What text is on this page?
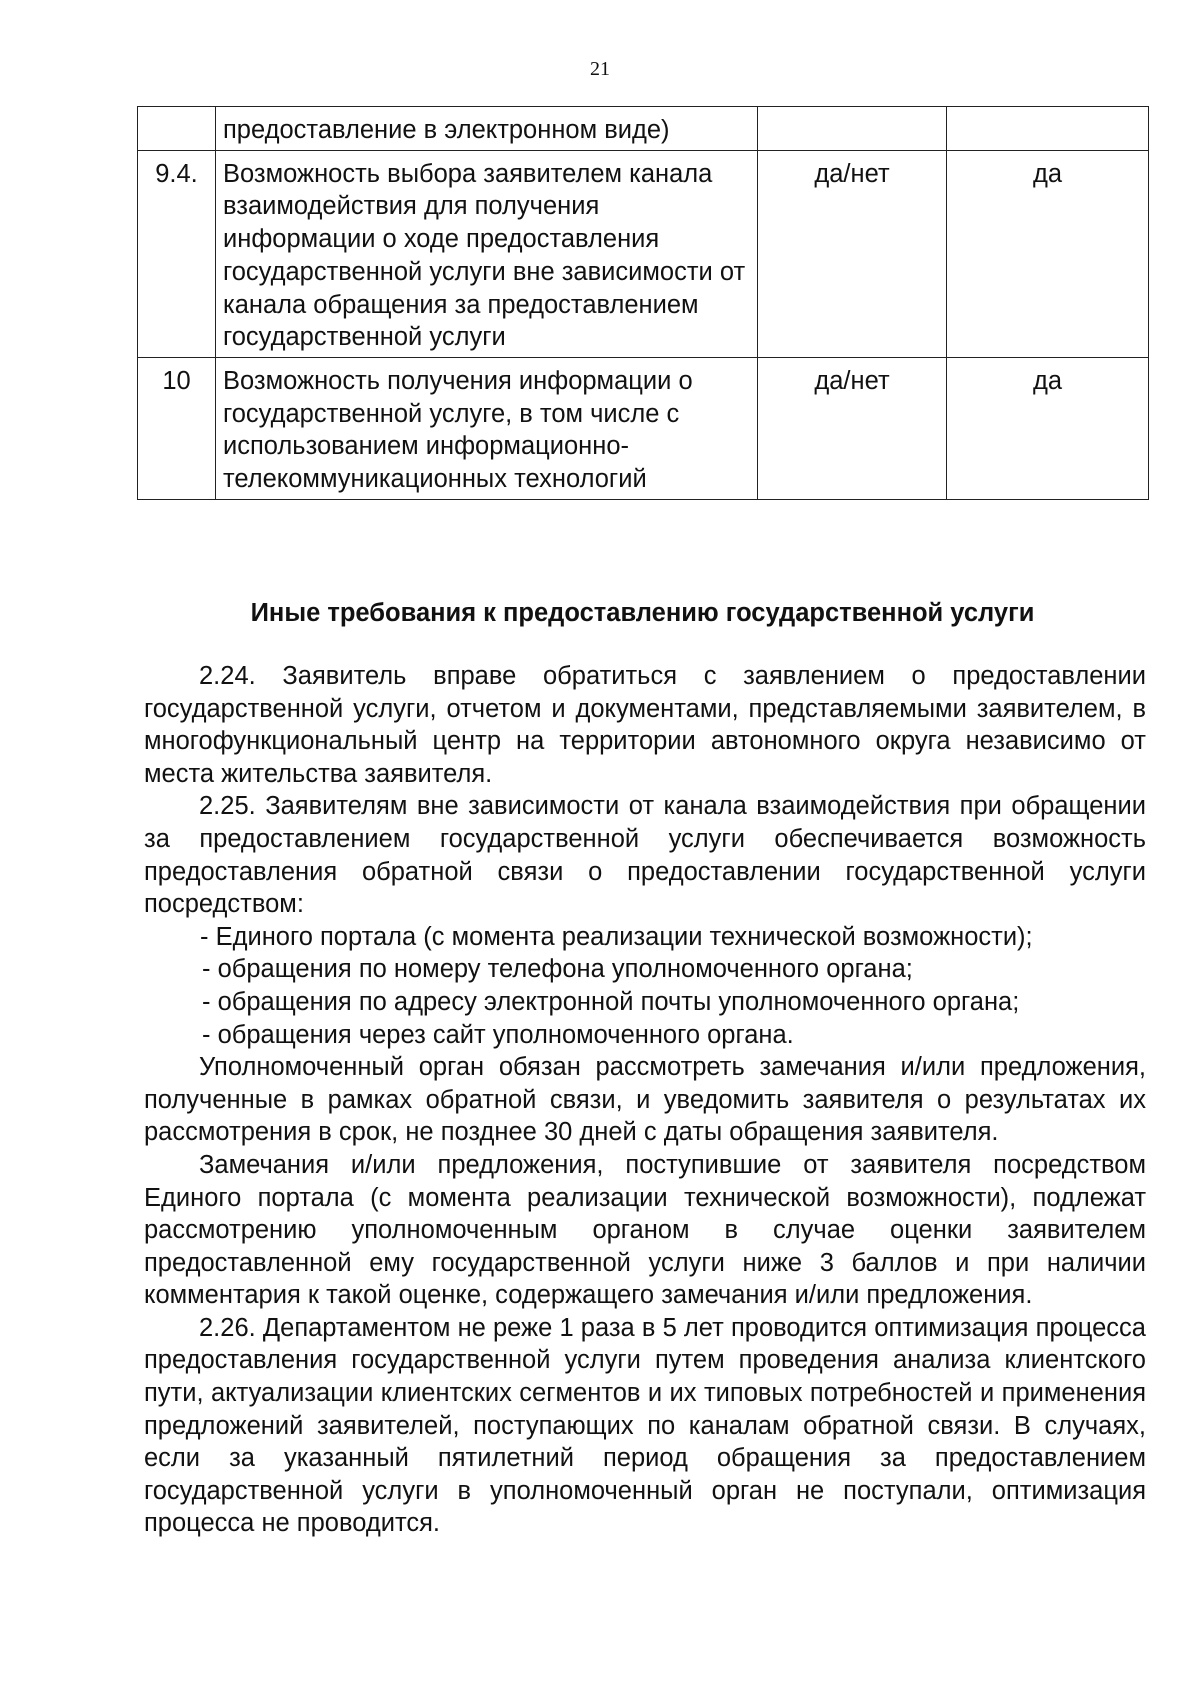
21
	предоставление в электронном виде)		
9.4.	Возможность выбора заявителем канала взаимодействия для получения информации о ходе предоставления государственной услуги вне зависимости от канала обращения за предоставлением государственной услуги	да/нет	да
10	Возможность получения информации о государственной услуге, в том числе с использованием информационно-телекоммуникационных технологий	да/нет	да
Иные требования к предоставлению государственной услуги

2.24. Заявитель вправе обратиться с заявлением о предоставлении государственной услуги, отчетом и документами, представляемыми заявителем, в многофункциональный центр на территории автономного округа независимо от места жительства заявителя.

2.25. Заявителям вне зависимости от канала взаимодействия при обращении за предоставлением государственной услуги обеспечивается возможность предоставления обратной связи о предоставлении государственной услуги посредством:

- Единого портала (с момента реализации технической возможности);

- обращения по номеру телефона уполномоченного органа;

- обращения по адресу электронной почты уполномоченного органа;

- обращения через сайт уполномоченного органа.

Уполномоченный орган обязан рассмотреть замечания и/или предложения, полученные в рамках обратной связи, и уведомить заявителя о результатах их рассмотрения в срок, не позднее 30 дней с даты обращения заявителя.

Замечания и/или предложения, поступившие от заявителя посредством Единого портала (с момента реализации технической возможности), подлежат рассмотрению уполномоченным органом в случае оценки заявителем предоставленной ему государственной услуги ниже 3 баллов и при наличии комментария к такой оценке, содержащего замечания и/или предложения.

2.26. Департаментом не реже 1 раза в 5 лет проводится оптимизация процесса предоставления государственной услуги путем проведения анализа клиентского пути, актуализации клиентских сегментов и их типовых потребностей и применения предложений заявителей, поступающих по каналам обратной связи. В случаях, если за указанный пятилетний период обращения за предоставлением государственной услуги в уполномоченный орган не поступали, оптимизация процесса не проводится.
